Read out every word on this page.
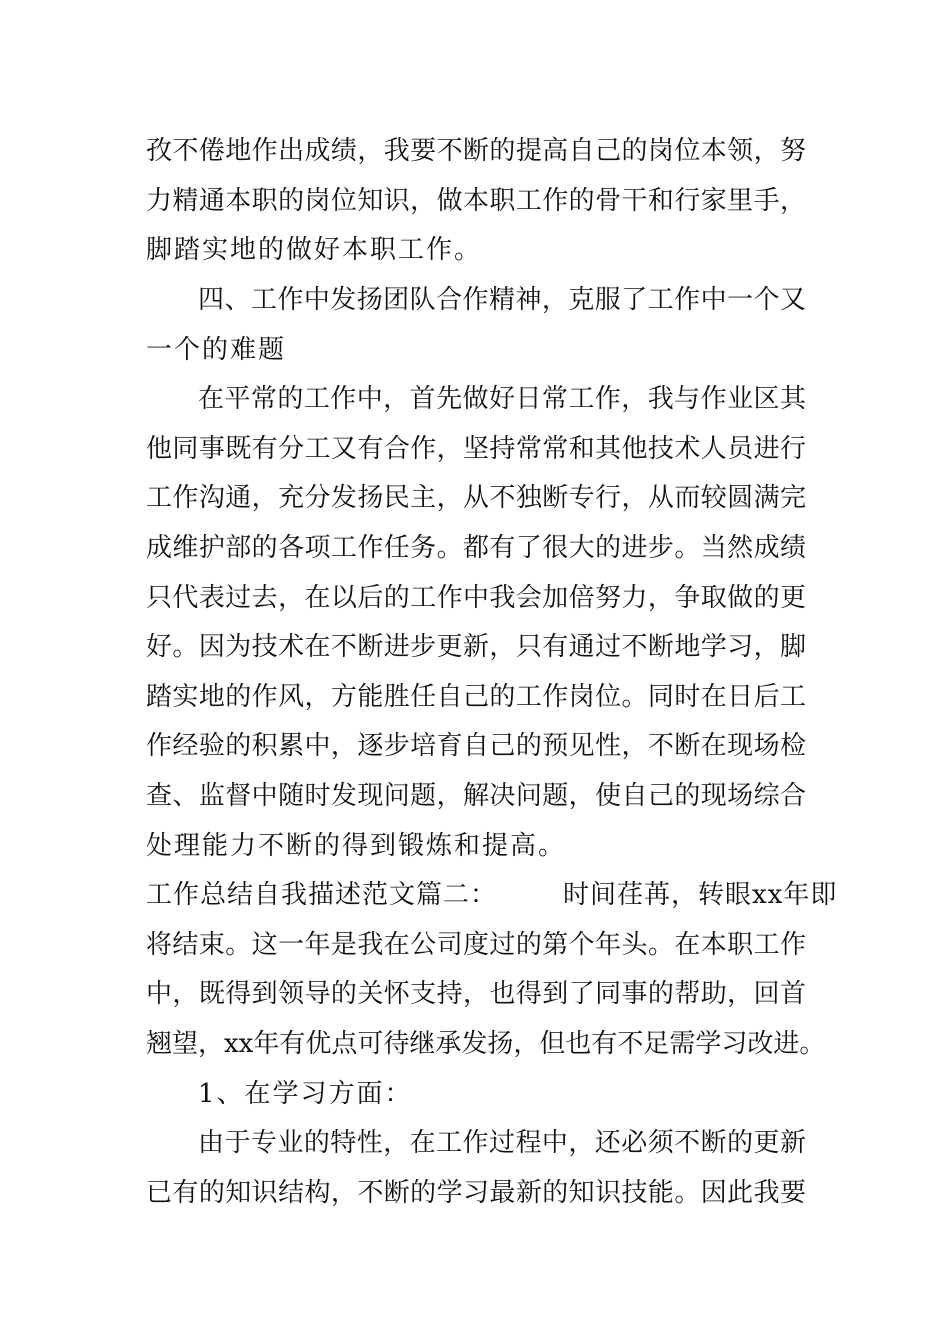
孜不倦地作出成绩，我要不断的提高自己的岗位本领，努
力精通本职的岗位知识，做本职工作的骨干和行家里手，
脚踏实地的做好本职工作。
四、工作中发扬团队合作精神，克服了工作中一个又
一个的难题
在平常的工作中，首先做好日常工作，我与作业区其
他同事既有分工又有合作，坚持常常和其他技术人员进行
工作沟通，充分发扬民主，从不独断专行，从而较圆满完
成维护部的各项工作任务。都有了很大的进步。当然成绩
只代表过去，在以后的工作中我会加倍努力，争取做的更
好。因为技术在不断进步更新，只有通过不断地学习，脚
踏实地的作风，方能胜任自己的工作岗位。同时在日后工
作经验的积累中，逐步培育自己的预见性，不断在现场检
查、监督中随时发现问题，解决问题，使自己的现场综合
处理能力不断的得到锻炼和提高。
工作总结自我描述范文篇二：	时间荏苒，转眼xx年即
将结束。这一年是我在公司度过的第个年头。在本职工作
中，既得到领导的关怀支持，也得到了同事的帮助，回首
翘望，xx年有优点可待继承发扬，但也有不足需学习改进。
1、在学习方面：
由于专业的特性，在工作过程中，还必须不断的更新
已有的知识结构，不断的学习最新的知识技能。因此我要
